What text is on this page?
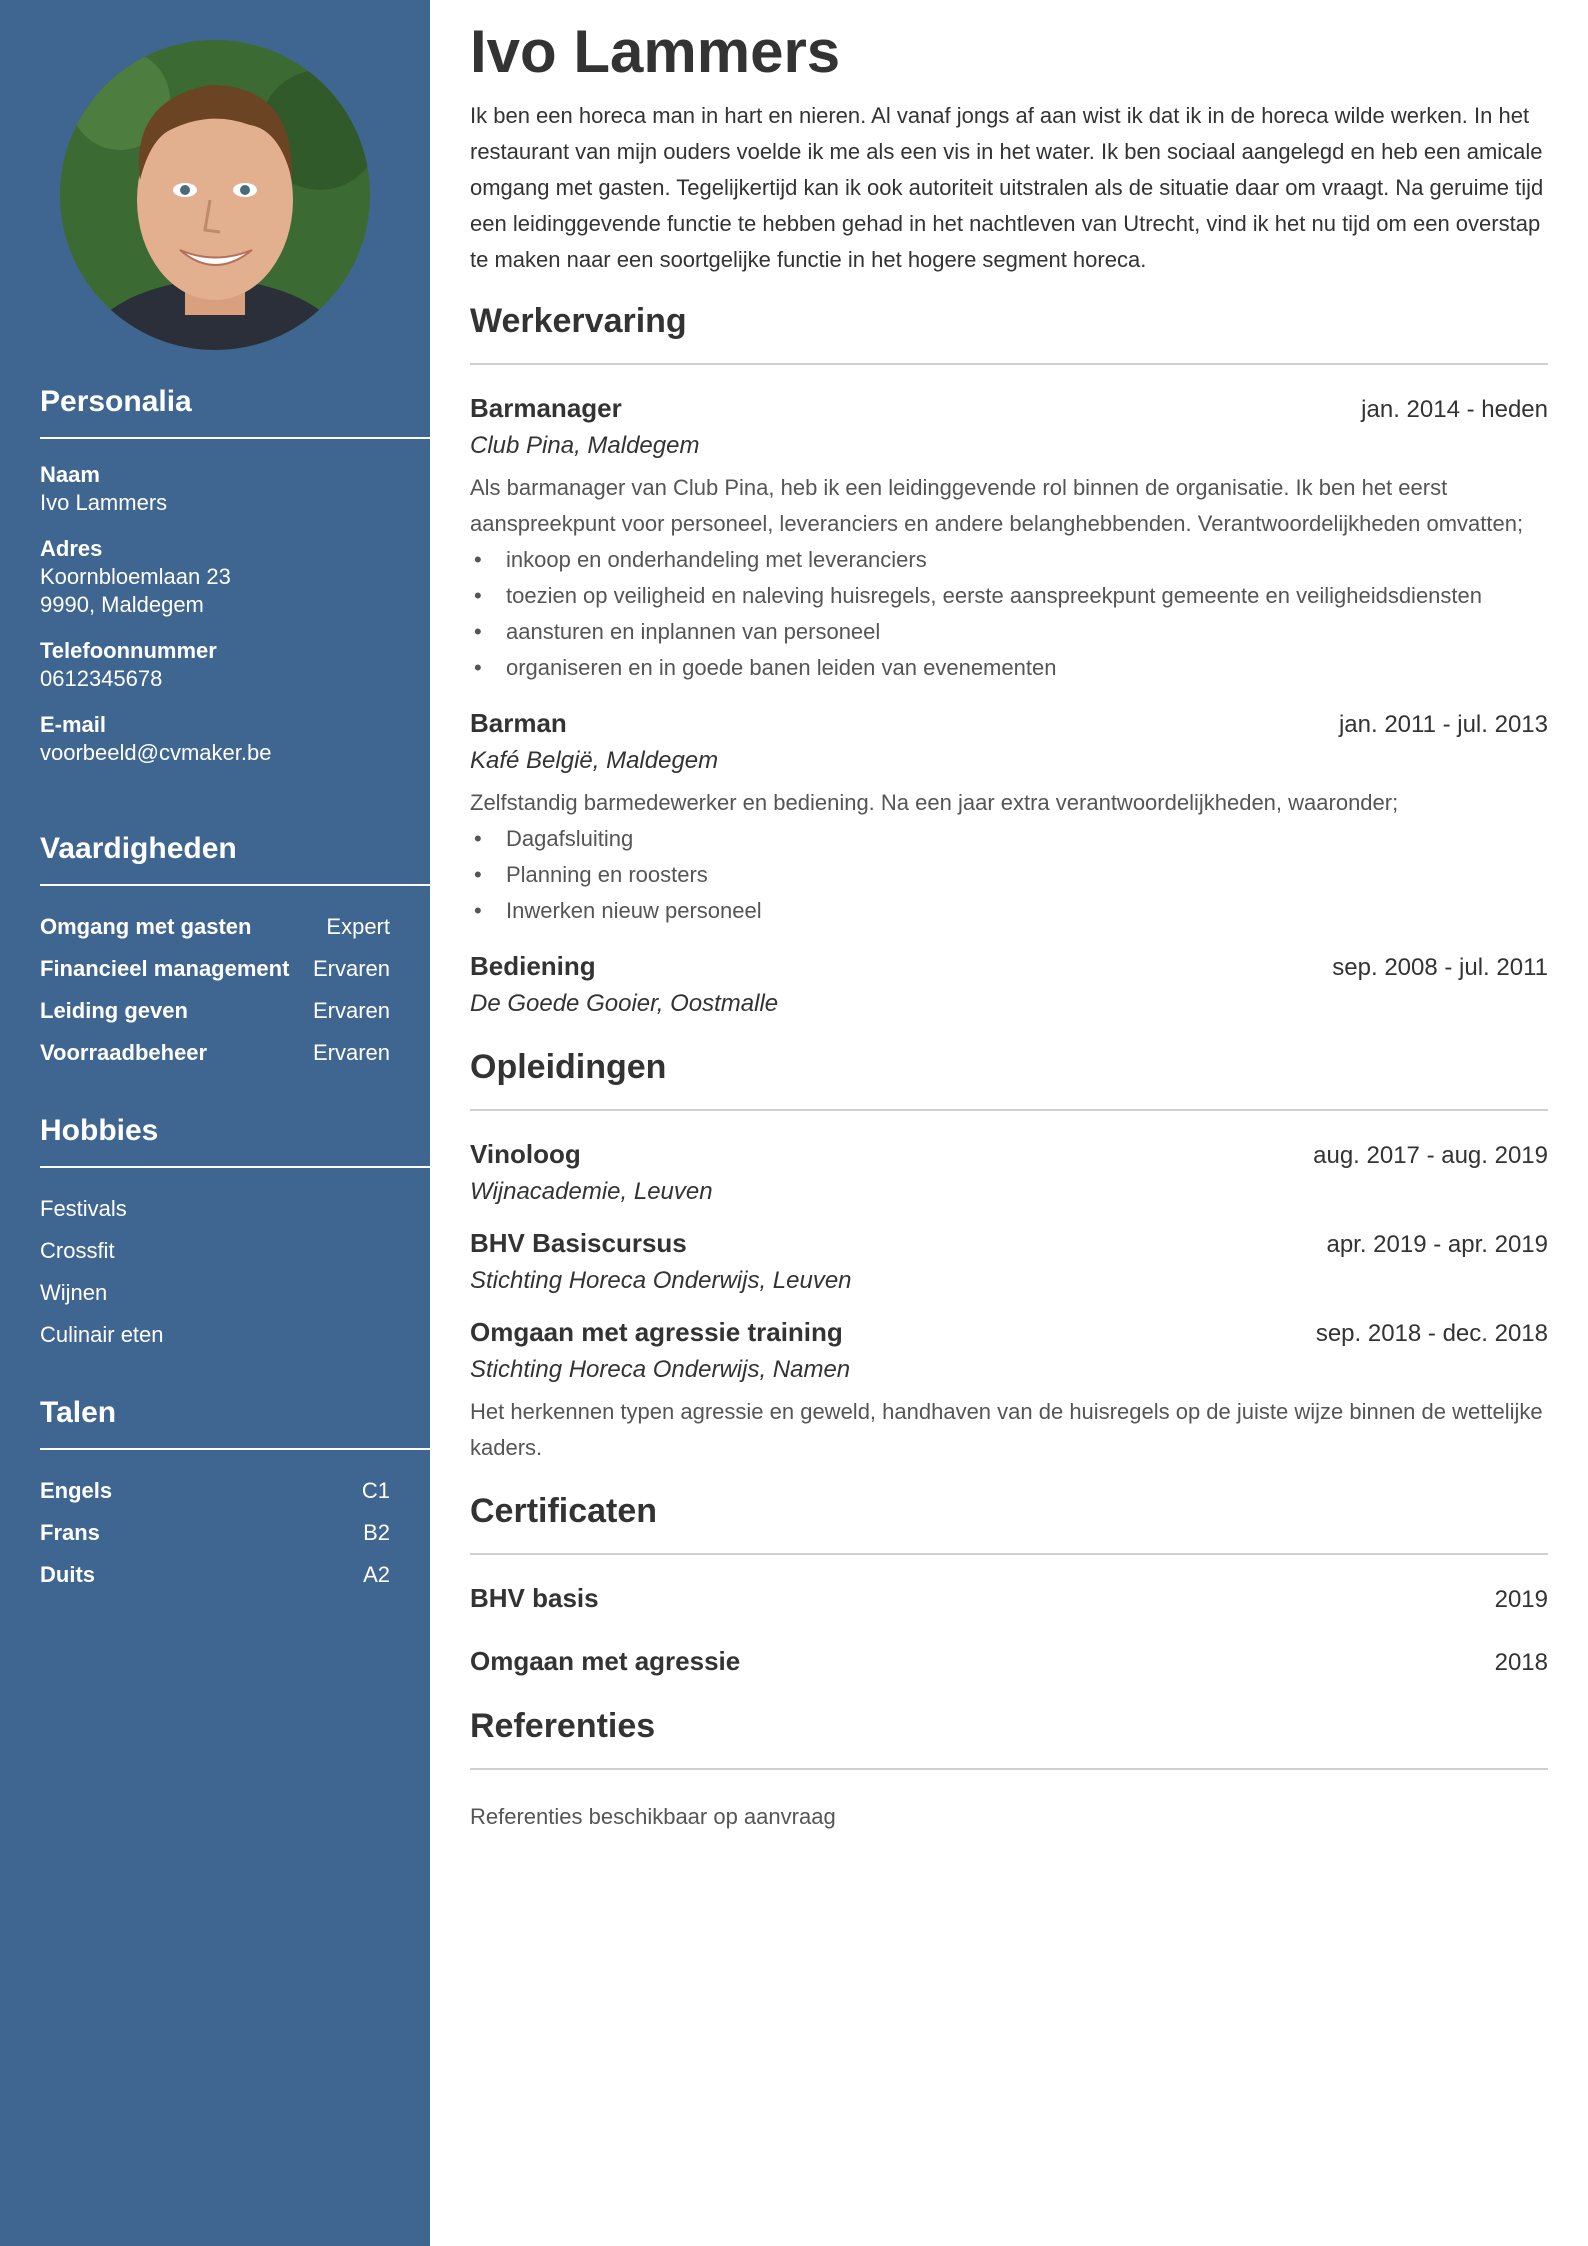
Personalia
Naam
Ivo Lammers
Adres
Koornbloemlaan 23
9990, Maldegem
Telefoonnummer
0612345678
E-mail
voorbeeld@cvmaker.be
Vaardigheden
Omgang met gasten	Expert
Financieel management Ervaren
Leiding geven	Ervaren
Voorraadbeheer	Ervaren
Hobbies
Festivals
Crossfit
Wijnen
Culinair eten
Talen
Engels	C1
Frans	B2
Duits	A2
Ivo Lammers
Ik ben een horeca man in hart en nieren. Al vanaf jongs af aan wist ik dat ik in de horeca wilde werken. In het restaurant van mijn ouders voelde ik me als een vis in het water. Ik ben sociaal aangelegd en heb een amicale omgang met gasten. Tegelijkertijd kan ik ook autoriteit uitstralen als de situatie daar om vraagt. Na geruime tijd een leidinggevende functie te hebben gehad in het nachtleven van Utrecht, vind ik het nu tijd om een overstap te maken naar een soortgelijke functie in het hogere segment horeca.
Werkervaring
Barmanager	jan. 2014 - heden
Club Pina, Maldegem
Als barmanager van Club Pina, heb ik een leidinggevende rol binnen de organisatie. Ik ben het eerst aanspreekpunt voor personeel, leveranciers en andere belanghebbenden. Verantwoordelijkheden omvatten;
• inkoop en onderhandeling met leveranciers
• toezien op veiligheid en naleving huisregels, eerste aanspreekpunt gemeente en veiligheidsdiensten
• aansturen en inplannen van personeel
• organiseren en in goede banen leiden van evenementen
Barman	jan. 2011 - jul. 2013
Kafé België, Maldegem
Zelfstandig barmedewerker en bediening. Na een jaar extra verantwoordelijkheden, waaronder;
• Dagafsluiting
• Planning en roosters
• Inwerken nieuw personeel
Bediening	sep. 2008 - jul. 2011
De Goede Gooier, Oostmalle
Opleidingen
Vinoloog	aug. 2017 - aug. 2019
Wijnacademie, Leuven
BHV Basiscursus	apr. 2019 - apr. 2019
Stichting Horeca Onderwijs, Leuven
Omgaan met agressie training	sep. 2018 - dec. 2018
Stichting Horeca Onderwijs, Namen
Het herkennen typen agressie en geweld, handhaven van de huisregels op de juiste wijze binnen de wettelijke kaders.
Certificaten
BHV basis	2019
Omgaan met agressie	2018
Referenties
Referenties beschikbaar op aanvraag
